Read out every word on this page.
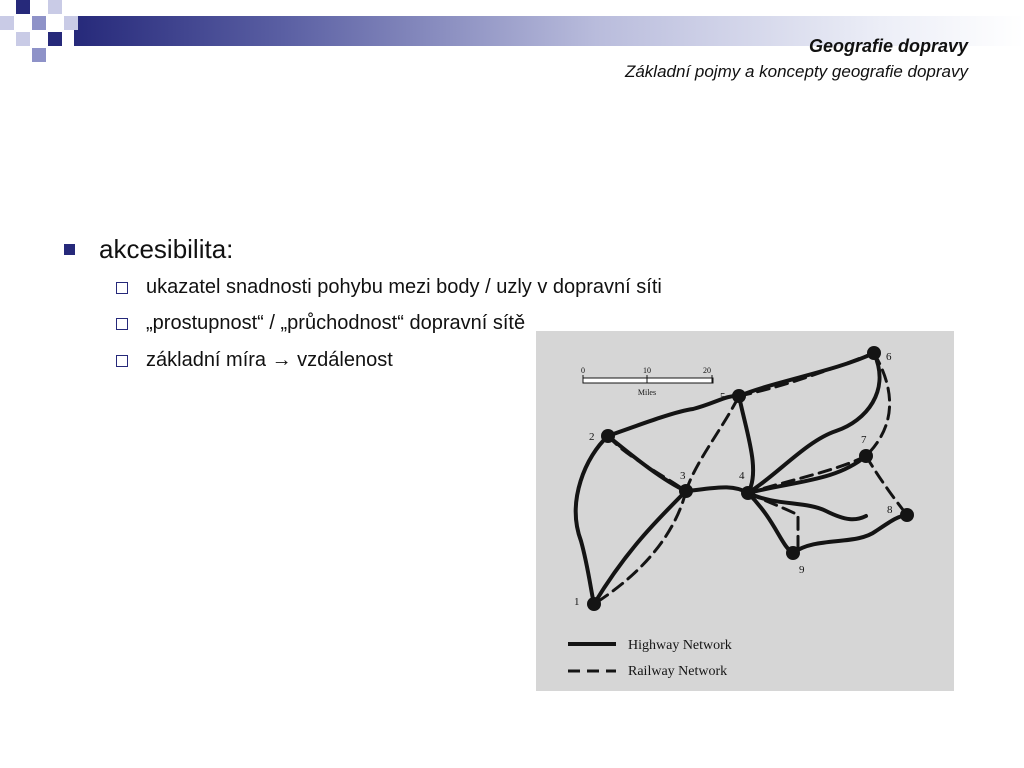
Geografie dopravy
Základní pojmy a koncepty geografie dopravy
akcesibilita:
ukazatel snadnosti pohybu mezi body / uzly v dopravní síti
„prostupnost“ / „průchodnost“ dopravní sítě
základní míra → vzdálenost	0	10	20
Miles
1
2
3	4
5
6
7
8
9
Highway Network
Railway Network
